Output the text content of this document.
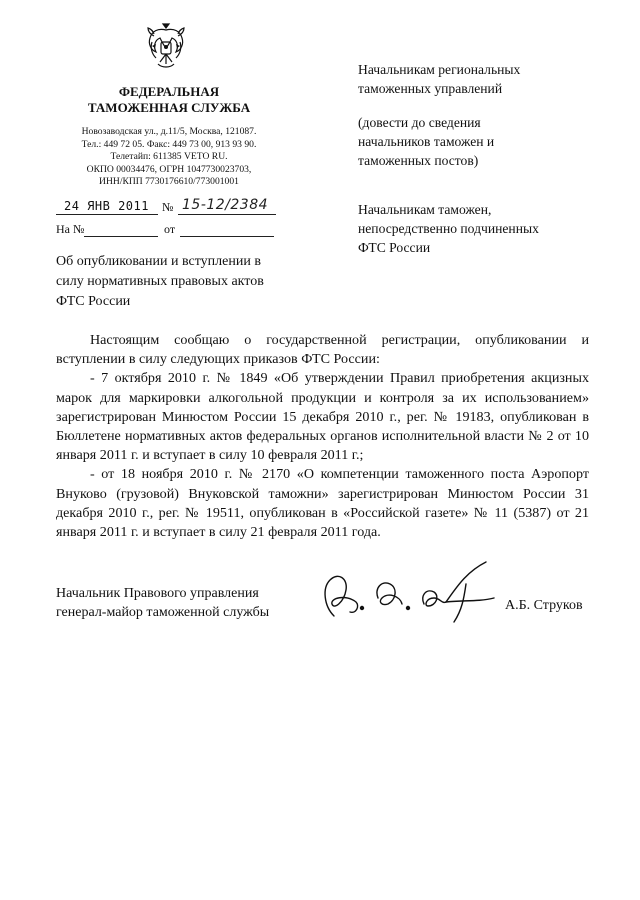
ФЕДЕРАЛЬНАЯ
ТАМОЖЕННАЯ СЛУЖБА
Новозаводская ул., д.11/5, Москва, 121087.
Тел.: 449 72 05. Факс: 449 73 00, 913 93 90.
Телетайп: 611385 VETO RU.
ОКПО 00034476, ОГРН 1047730023703,
ИНН/КПП 7730176610/773001001
24 ЯНВ 2011 № 15-12/2384
На №	от
Начальникам региональных
таможенных управлений
(довести до сведения
начальников таможен и
таможенных постов)
Начальникам таможен,
непосредственно подчиненных
ФТС России
Об опубликовании и вступлении в
силу нормативных правовых актов
ФТС России

Настоящим сообщаю о государственной регистрации, опубликовании и вступлении в силу следующих приказов ФТС России:

- 7 октября 2010 г. № 1849 «Об утверждении Правил приобретения акцизных марок для маркировки алкогольной продукции и контроля за их использованием» зарегистрирован Минюстом России 15 декабря 2010 г., рег. № 19183, опубликован в Бюллетене нормативных актов федеральных органов исполнительной власти № 2 от 10 января 2011 г. и вступает в силу 10 февраля 2011 г.;

- от 18 ноября 2010 г. № 2170 «О компетенции таможенного поста Аэропорт Внуково (грузовой) Внуковской таможни» зарегистрирован Минюстом России 31 декабря 2010 г., рег. № 19511, опубликован в «Российской газете» № 11 (5387) от 21 января 2011 г. и вступает в силу 21 февраля 2011 года.

Начальник Правового управления
генерал-майор таможенной службы	А.Б. Струков
